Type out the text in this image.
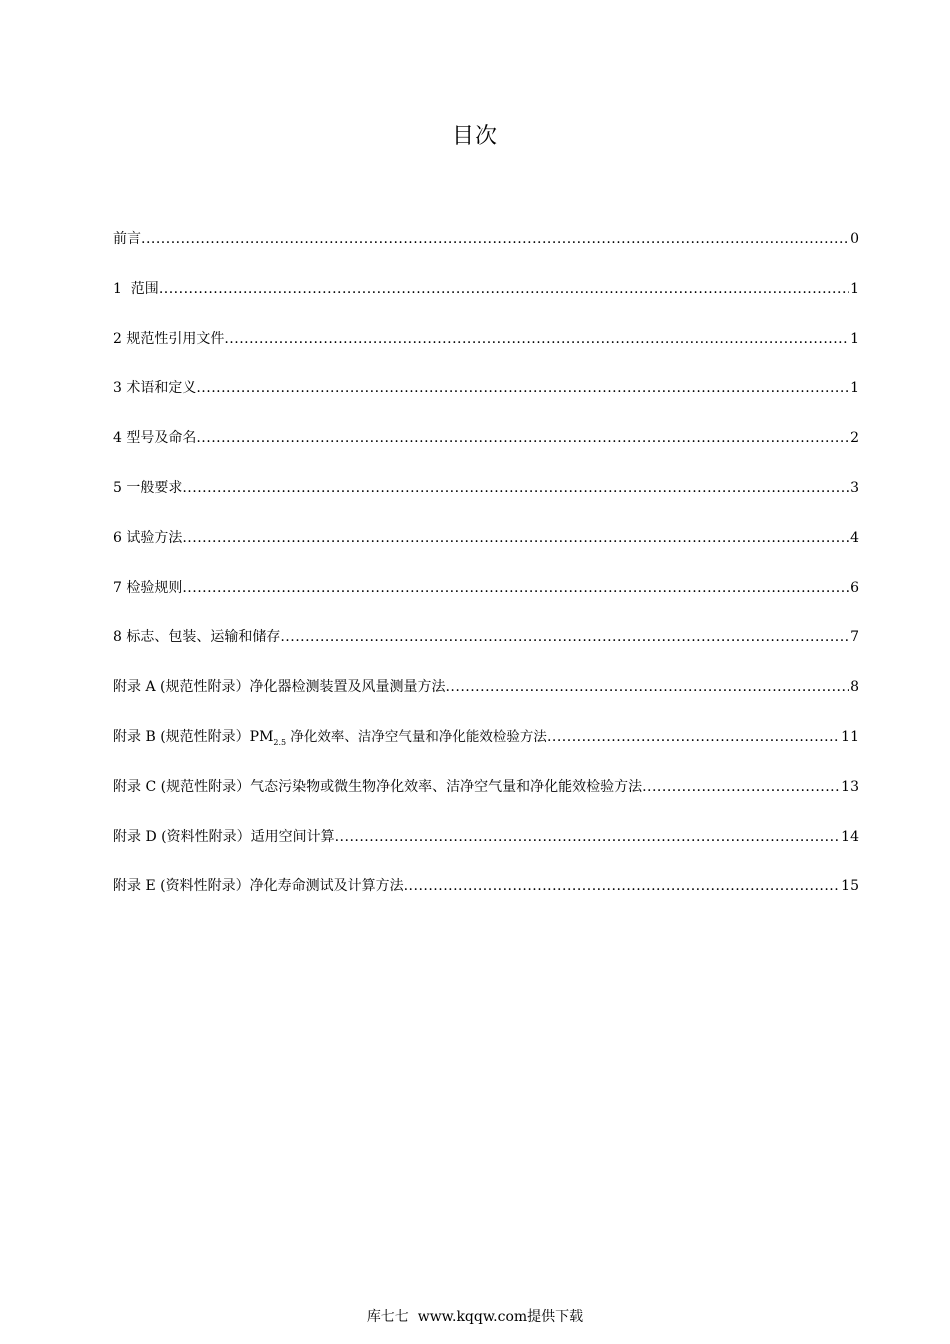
目次
前言 .....	0
1  范围 .....	1
2 规范性引用文件 .....	1
3 术语和定义 .....	1
4 型号及命名 .....	2
5 一般要求 .....	3
6 试验方法 .....	4
7 检验规则 .....	6
8 标志、包装、运输和储存 .....	7
附录 A (规范性附录）净化器检测装置及风量测量方法 .....	8
附录 B (规范性附录）$PM_{2.5}$ 净化效率、洁净空气量和净化能效检验方法 .....	11
附录 C (规范性附录）气态污染物或微生物净化效率、洁净空气量和净化能效检验方法 .....	13
附录 D (资料性附录）适用空间计算 .....	14
附录 E (资料性附录）净化寿命测试及计算方法 .....	15
库七七  www.kqqw.com提供下载
